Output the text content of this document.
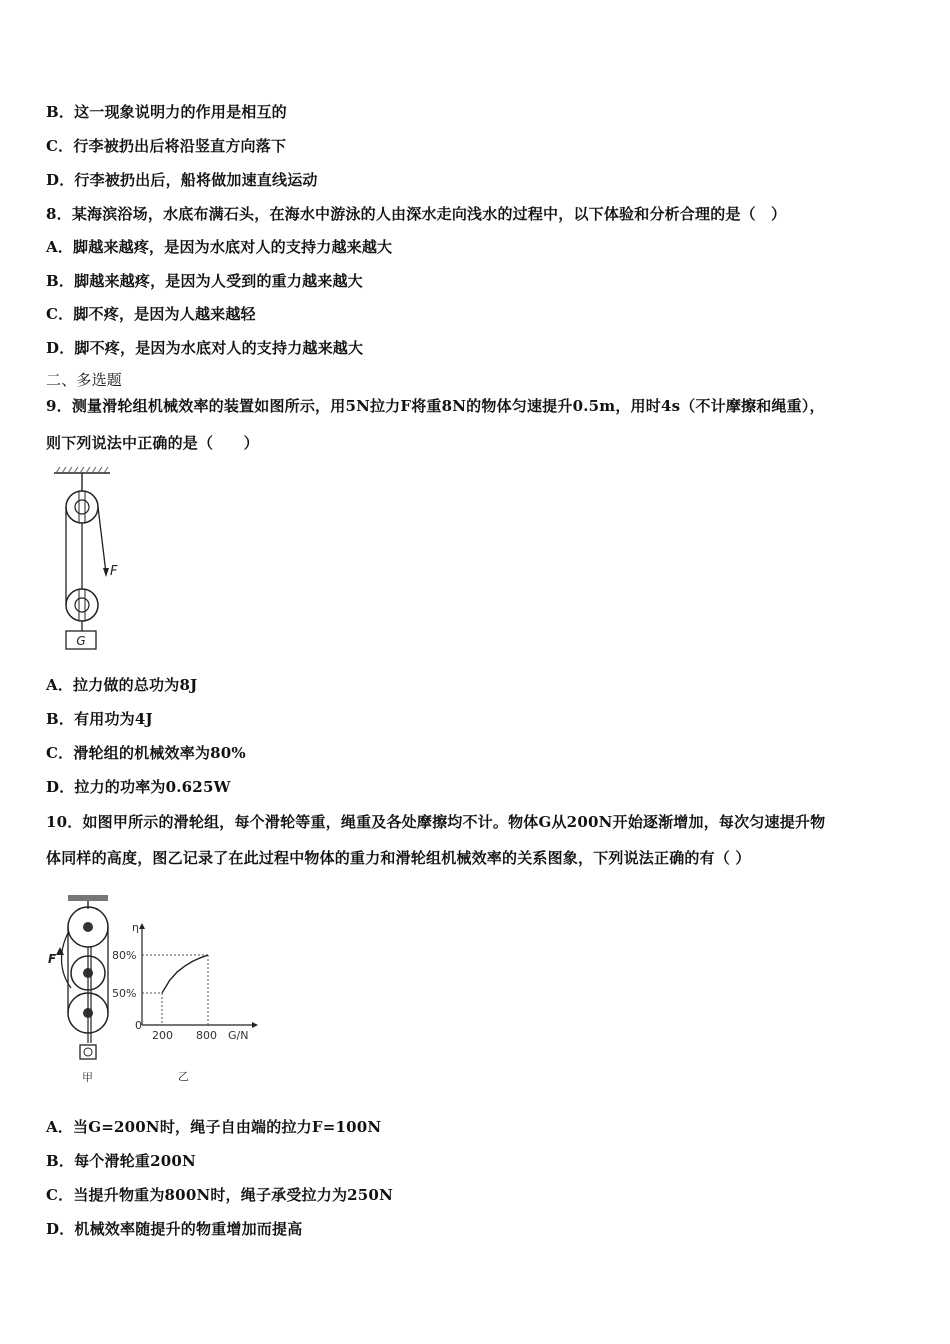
B．这一现象说明力的作用是相互的
C．行李被扔出后将沿竖直方向落下
D．行李被扔出后，船将做加速直线运动
8．某海滨浴场，水底布满石头，在海水中游泳的人由深水走向浅水的过程中，以下体验和分析合理的是（　）
A．脚越来越疼，是因为水底对人的支持力越来越大
B．脚越来越疼，是因为人受到的重力越来越大
C．脚不疼，是因为人越来越轻
D．脚不疼，是因为水底对人的支持力越来越大
二、多选题
9．测量滑轮组机械效率的装置如图所示，用5N拉力F将重8N的物体匀速提升0.5m，用时4s（不计摩擦和绳重），
则下列说法中正确的是（　　）
F
G
A．拉力做的总功为8J
B．有用功为4J
C．滑轮组的机械效率为80%
D．拉力的功率为0.625W
10．如图甲所示的滑轮组，每个滑轮等重，绳重及各处摩擦均不计。物体G从200N开始逐渐增加，每次匀速提升物
体同样的高度，图乙记录了在此过程中物体的重力和滑轮组机械效率的关系图象，下列说法正确的有（ ）
F
甲
η
G/N
0
50%
80%
200 800
乙
A．当G=200N时，绳子自由端的拉力F=100N
B．每个滑轮重200N
C．当提升物重为800N时，绳子承受拉力为250N
D．机械效率随提升的物重增加而提高
